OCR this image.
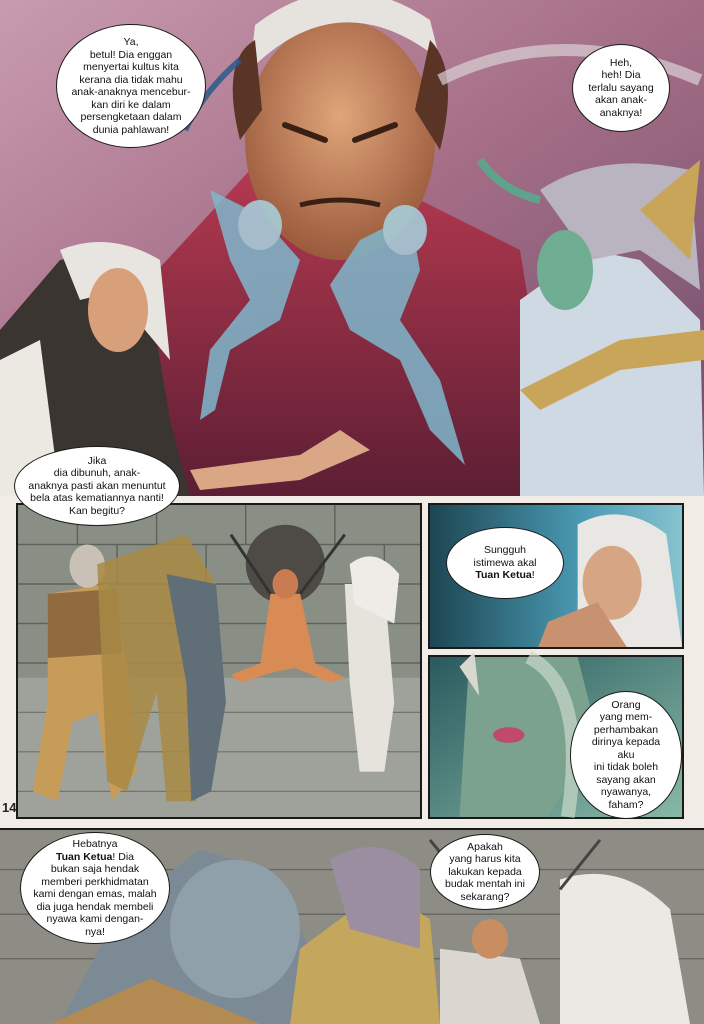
Ya,
betul! Dia enggan
menyertai kultus kita
kerana dia tidak mahu
anak-anaknya mencebur-
kan diri ke dalam
persengketaan dalam
dunia pahlawan!
Heh,
heh! Dia
terlalu sayang
akan anak-
anaknya!
Jika
dia dibunuh, anak-
anaknya pasti akan menuntut
bela atas kematiannya nanti!
Kan begitu?
Sungguh
istimewa akal
Tuan Ketua!
Orang
yang mem-
perhambakan
dirinya kepada aku
ini tidak boleh
sayang akan
nyawanya,
faham?
14
Hebatnya
Tuan Ketua! Dia
bukan saja hendak
memberi perkhidmatan
kami dengan emas, malah
dia juga hendak membeli
nyawa kami dengan-
nya!
Apakah
yang harus kita
lakukan kepada
budak mentah ini
sekarang?
